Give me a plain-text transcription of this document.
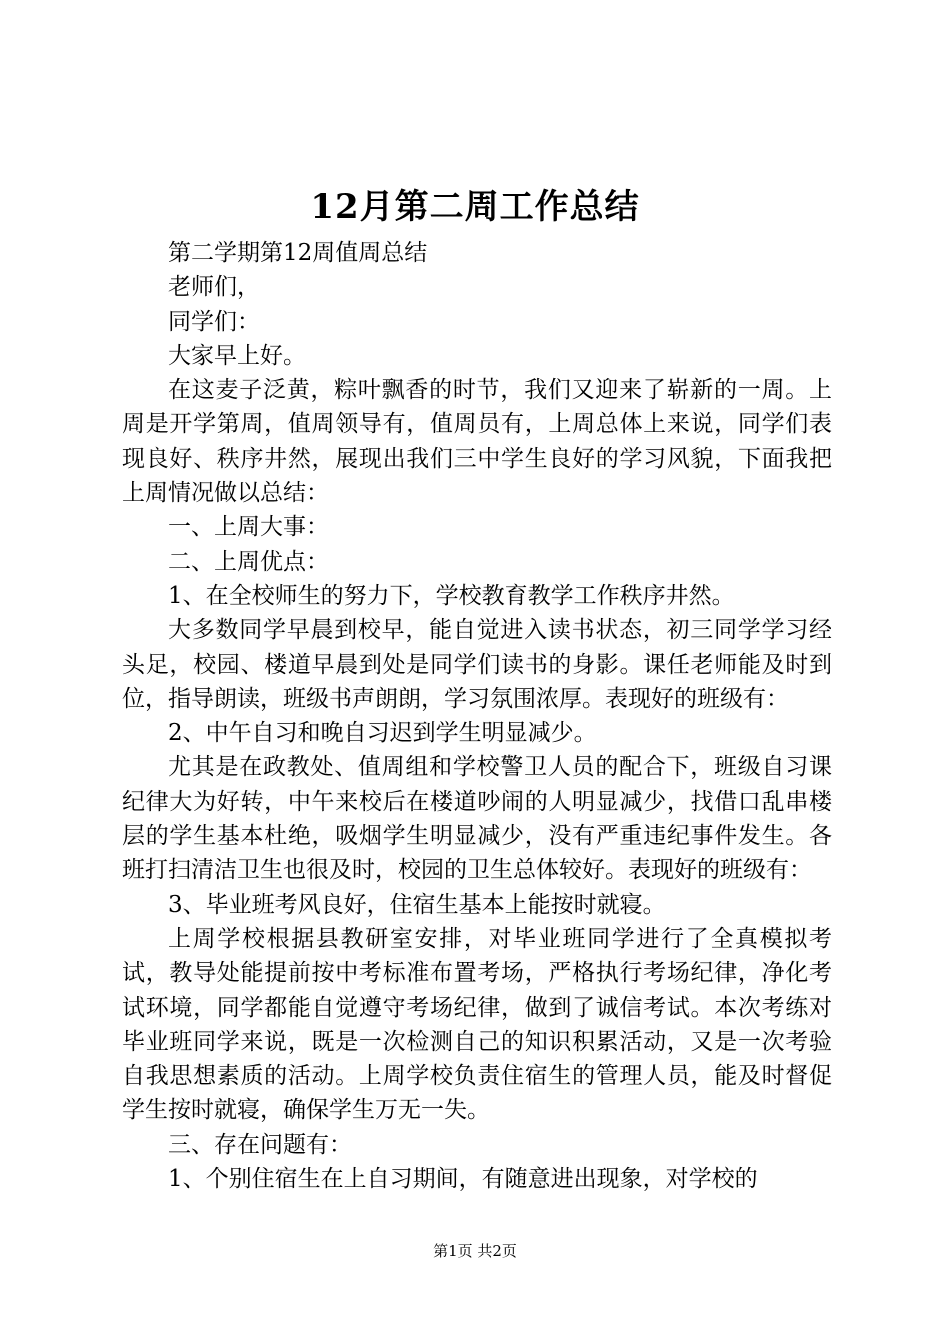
12月第二周工作总结

第二学期第12周值周总结

老师们，

同学们：

大家早上好。

在这麦子泛黄，粽叶飘香的时节，我们又迎来了崭新的一周。上周是开学第周，值周领导有，值周员有，上周总体上来说，同学们表现良好、秩序井然，展现出我们三中学生良好的学习风貌，下面我把上周情况做以总结：

一、上周大事：

二、上周优点：

1、在全校师生的努力下，学校教育教学工作秩序井然。

大多数同学早晨到校早，能自觉进入读书状态，初三同学学习经头足，校园、楼道早晨到处是同学们读书的身影。课任老师能及时到位，指导朗读，班级书声朗朗，学习氛围浓厚。表现好的班级有：

2、中午自习和晚自习迟到学生明显减少。

尤其是在政教处、值周组和学校警卫人员的配合下，班级自习课纪律大为好转，中午来校后在楼道吵闹的人明显减少，找借口乱串楼层的学生基本杜绝，吸烟学生明显减少，没有严重违纪事件发生。各班打扫清洁卫生也很及时，校园的卫生总体较好。表现好的班级有：

3、毕业班考风良好，住宿生基本上能按时就寝。

上周学校根据县教研室安排，对毕业班同学进行了全真模拟考试，教导处能提前按中考标准布置考场，严格执行考场纪律，净化考试环境，同学都能自觉遵守考场纪律，做到了诚信考试。本次考练对毕业班同学来说，既是一次检测自己的知识积累活动，又是一次考验自我思想素质的活动。上周学校负责住宿生的管理人员，能及时督促学生按时就寝，确保学生万无一失。

三、存在问题有：

1、个别住宿生在上自习期间，有随意进出现象，对学校的

第1页 共2页
